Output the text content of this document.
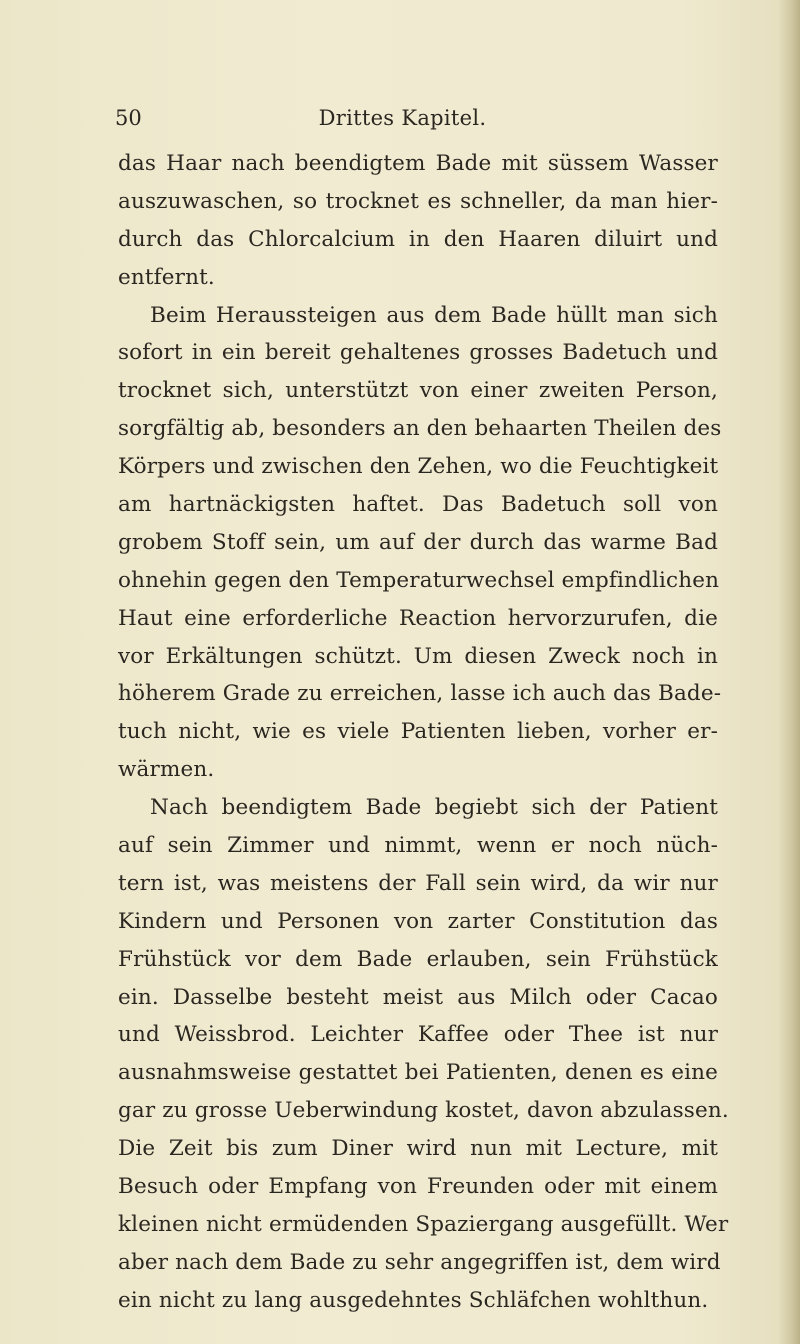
50	Drittes Kapitel.
das Haar nach beendigtem Bade mit süssem Wasser
auszuwaschen, so trocknet es schneller, da man hier-
durch das Chlorcalcium in den Haaren diluirt und
entfernt.
Beim Heraussteigen aus dem Bade hüllt man sich
sofort in ein bereit gehaltenes grosses Badetuch und
trocknet sich, unterstützt von einer zweiten Person,
sorgfältig ab, besonders an den behaarten Theilen des
Körpers und zwischen den Zehen, wo die Feuchtigkeit
am hartnäckigsten haftet. Das Badetuch soll von
grobem Stoff sein, um auf der durch das warme Bad
ohnehin gegen den Temperaturwechsel empfindlichen
Haut eine erforderliche Reaction hervorzurufen, die
vor Erkältungen schützt. Um diesen Zweck noch in
höherem Grade zu erreichen, lasse ich auch das Bade-
tuch nicht, wie es viele Patienten lieben, vorher er-
wärmen.
Nach beendigtem Bade begiebt sich der Patient
auf sein Zimmer und nimmt, wenn er noch nüch-
tern ist, was meistens der Fall sein wird, da wir nur
Kindern und Personen von zarter Constitution das
Frühstück vor dem Bade erlauben, sein Frühstück
ein. Dasselbe besteht meist aus Milch oder Cacao
und Weissbrod. Leichter Kaffee oder Thee ist nur
ausnahmsweise gestattet bei Patienten, denen es eine
gar zu grosse Ueberwindung kostet, davon abzulassen.
Die Zeit bis zum Diner wird nun mit Lecture, mit
Besuch oder Empfang von Freunden oder mit einem
kleinen nicht ermüdenden Spaziergang ausgefüllt. Wer
aber nach dem Bade zu sehr angegriffen ist, dem wird
ein nicht zu lang ausgedehntes Schläfchen wohlthun.
